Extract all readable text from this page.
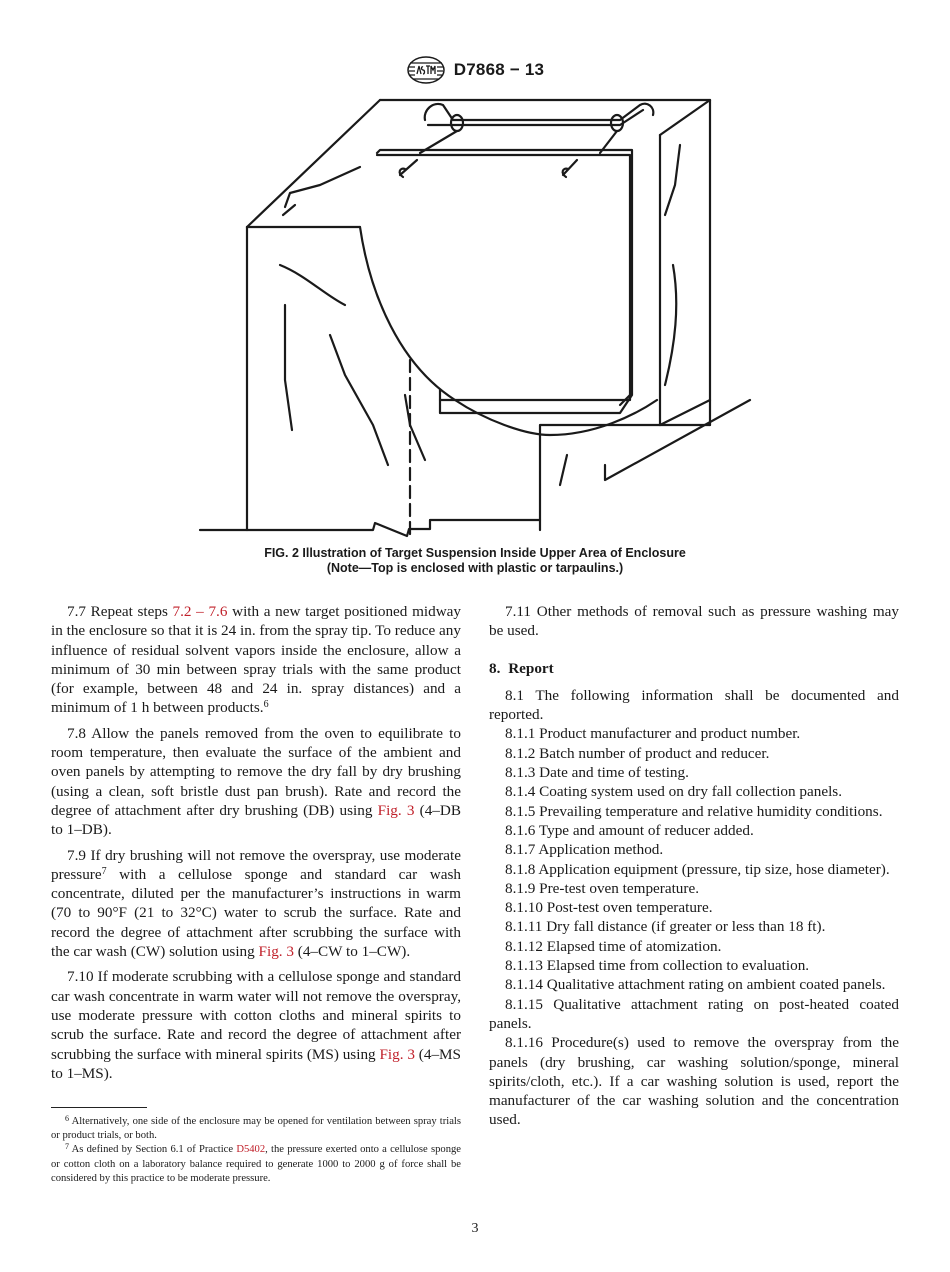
D7868 − 13
FIG. 2 Illustration of Target Suspension Inside Upper Area of Enclosure
(Note—Top is enclosed with plastic or tarpaulins.)

7.7 Repeat steps 7.2 – 7.6 with a new target positioned midway in the enclosure so that it is 24 in. from the spray tip. To reduce any influence of residual solvent vapors inside the enclosure, allow a minimum of 30 min between spray trials with the same product (for example, between 48 and 24 in. spray distances) and a minimum of 1 h between products.$^6$

7.8 Allow the panels removed from the oven to equilibrate to room temperature, then evaluate the surface of the ambient and oven panels by attempting to remove the dry fall by dry brushing (using a clean, soft bristle dust pan brush). Rate and record the degree of attachment after dry brushing (DB) using Fig. 3 (4–DB to 1–DB).

7.9 If dry brushing will not remove the overspray, use moderate pressure$^7$ with a cellulose sponge and standard car wash concentrate, diluted per the manufacturer’s instructions in warm (70 to 90°F (21 to 32°C) water to scrub the surface. Rate and record the degree of attachment after scrubbing the surface with the car wash (CW) solution using Fig. 3 (4–CW to 1–CW).

7.10 If moderate scrubbing with a cellulose sponge and standard car wash concentrate in warm water will not remove the overspray, use moderate pressure with cotton cloths and mineral spirits to scrub the surface. Rate and record the degree of attachment after scrubbing the surface with mineral spirits (MS) using Fig. 3 (4–MS to 1–MS).

$^6$ Alternatively, one side of the enclosure may be opened for ventilation between spray trials or product trials, or both.

$^7$ As defined by Section 6.1 of Practice D5402, the pressure exerted onto a cellulose sponge or cotton cloth on a laboratory balance required to generate 1000 to 2000 g of force shall be considered by this practice to be moderate pressure.

7.11 Other methods of removal such as pressure washing may be used.

8. Report

8.1 The following information shall be documented and reported.

8.1.1 Product manufacturer and product number.

8.1.2 Batch number of product and reducer.

8.1.3 Date and time of testing.

8.1.4 Coating system used on dry fall collection panels.

8.1.5 Prevailing temperature and relative humidity conditions.

8.1.6 Type and amount of reducer added.

8.1.7 Application method.

8.1.8 Application equipment (pressure, tip size, hose diameter).

8.1.9 Pre-test oven temperature.

8.1.10 Post-test oven temperature.

8.1.11 Dry fall distance (if greater or less than 18 ft).

8.1.12 Elapsed time of atomization.

8.1.13 Elapsed time from collection to evaluation.

8.1.14 Qualitative attachment rating on ambient coated panels.

8.1.15 Qualitative attachment rating on post-heated coated panels.

8.1.16 Procedure(s) used to remove the overspray from the panels (dry brushing, car washing solution/sponge, mineral spirits/cloth, etc.). If a car washing solution is used, report the manufacturer of the car washing solution and the concentration used.

3
